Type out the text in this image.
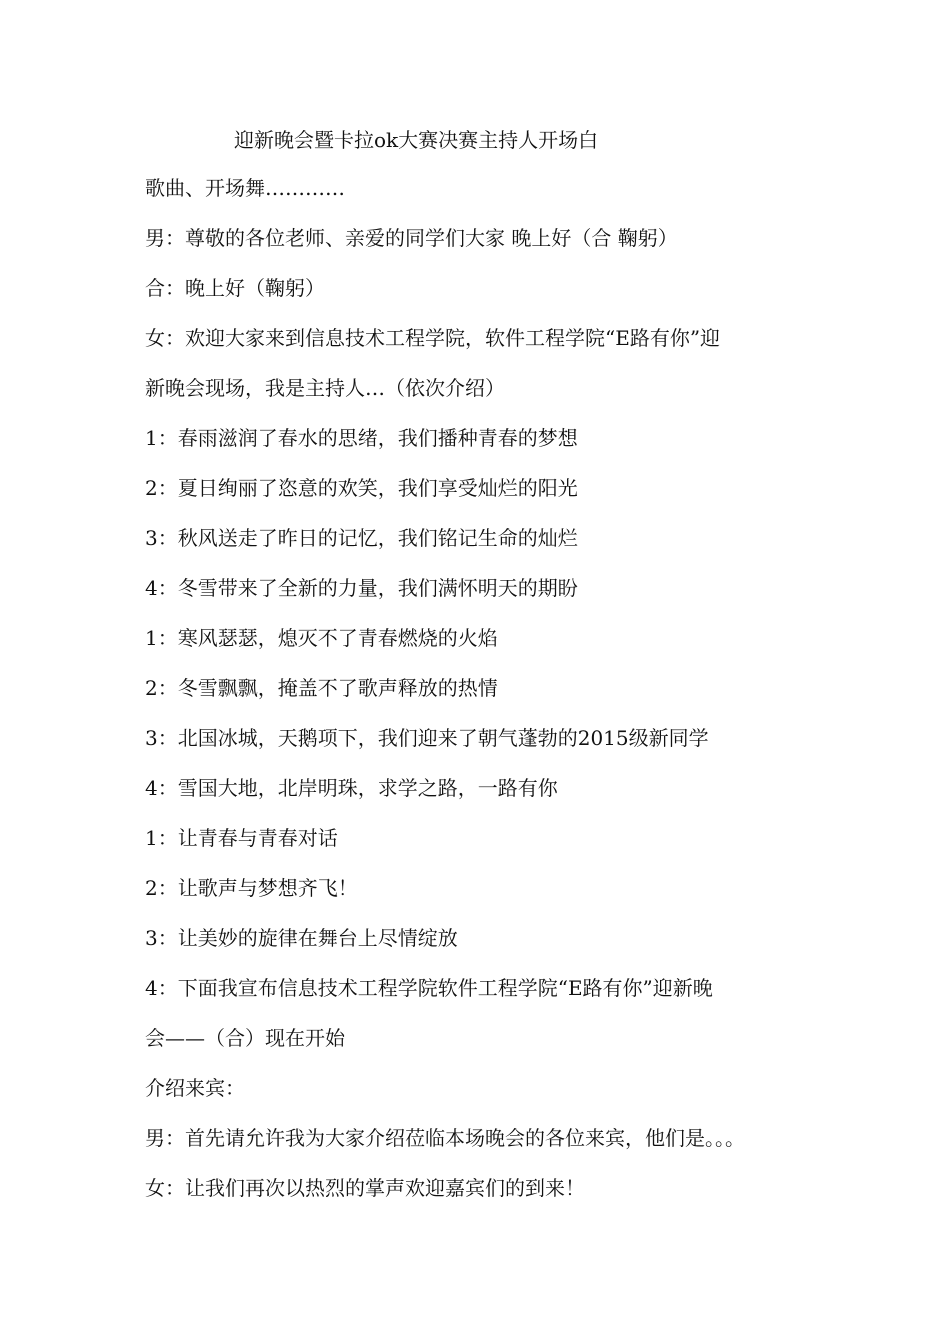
迎新晚会暨卡拉ok大赛决赛主持人开场白
歌曲、开场舞…………
男：尊敬的各位老师、亲爱的同学们大家 晚上好（合 鞠躬）
合：晚上好（鞠躬）
女：欢迎大家来到信息技术工程学院，软件工程学院“E路有你”迎
新晚会现场，我是主持人…（依次介绍）
1：春雨滋润了春水的思绪，我们播种青春的梦想
2：夏日绚丽了恣意的欢笑，我们享受灿烂的阳光
3：秋风送走了昨日的记忆，我们铭记生命的灿烂
4：冬雪带来了全新的力量，我们满怀明天的期盼
1：寒风瑟瑟，熄灭不了青春燃烧的火焰
2：冬雪飘飘，掩盖不了歌声释放的热情
3：北国冰城，天鹅项下，我们迎来了朝气蓬勃的2015级新同学
4：雪国大地，北岸明珠，求学之路，一路有你
1：让青春与青春对话
2：让歌声与梦想齐飞！
3：让美妙的旋律在舞台上尽情绽放
4：下面我宣布信息技术工程学院软件工程学院“E路有你”迎新晚
会——（合）现在开始
介绍来宾：
男：首先请允许我为大家介绍莅临本场晚会的各位来宾，他们是。。。
女：让我们再次以热烈的掌声欢迎嘉宾们的到来！
